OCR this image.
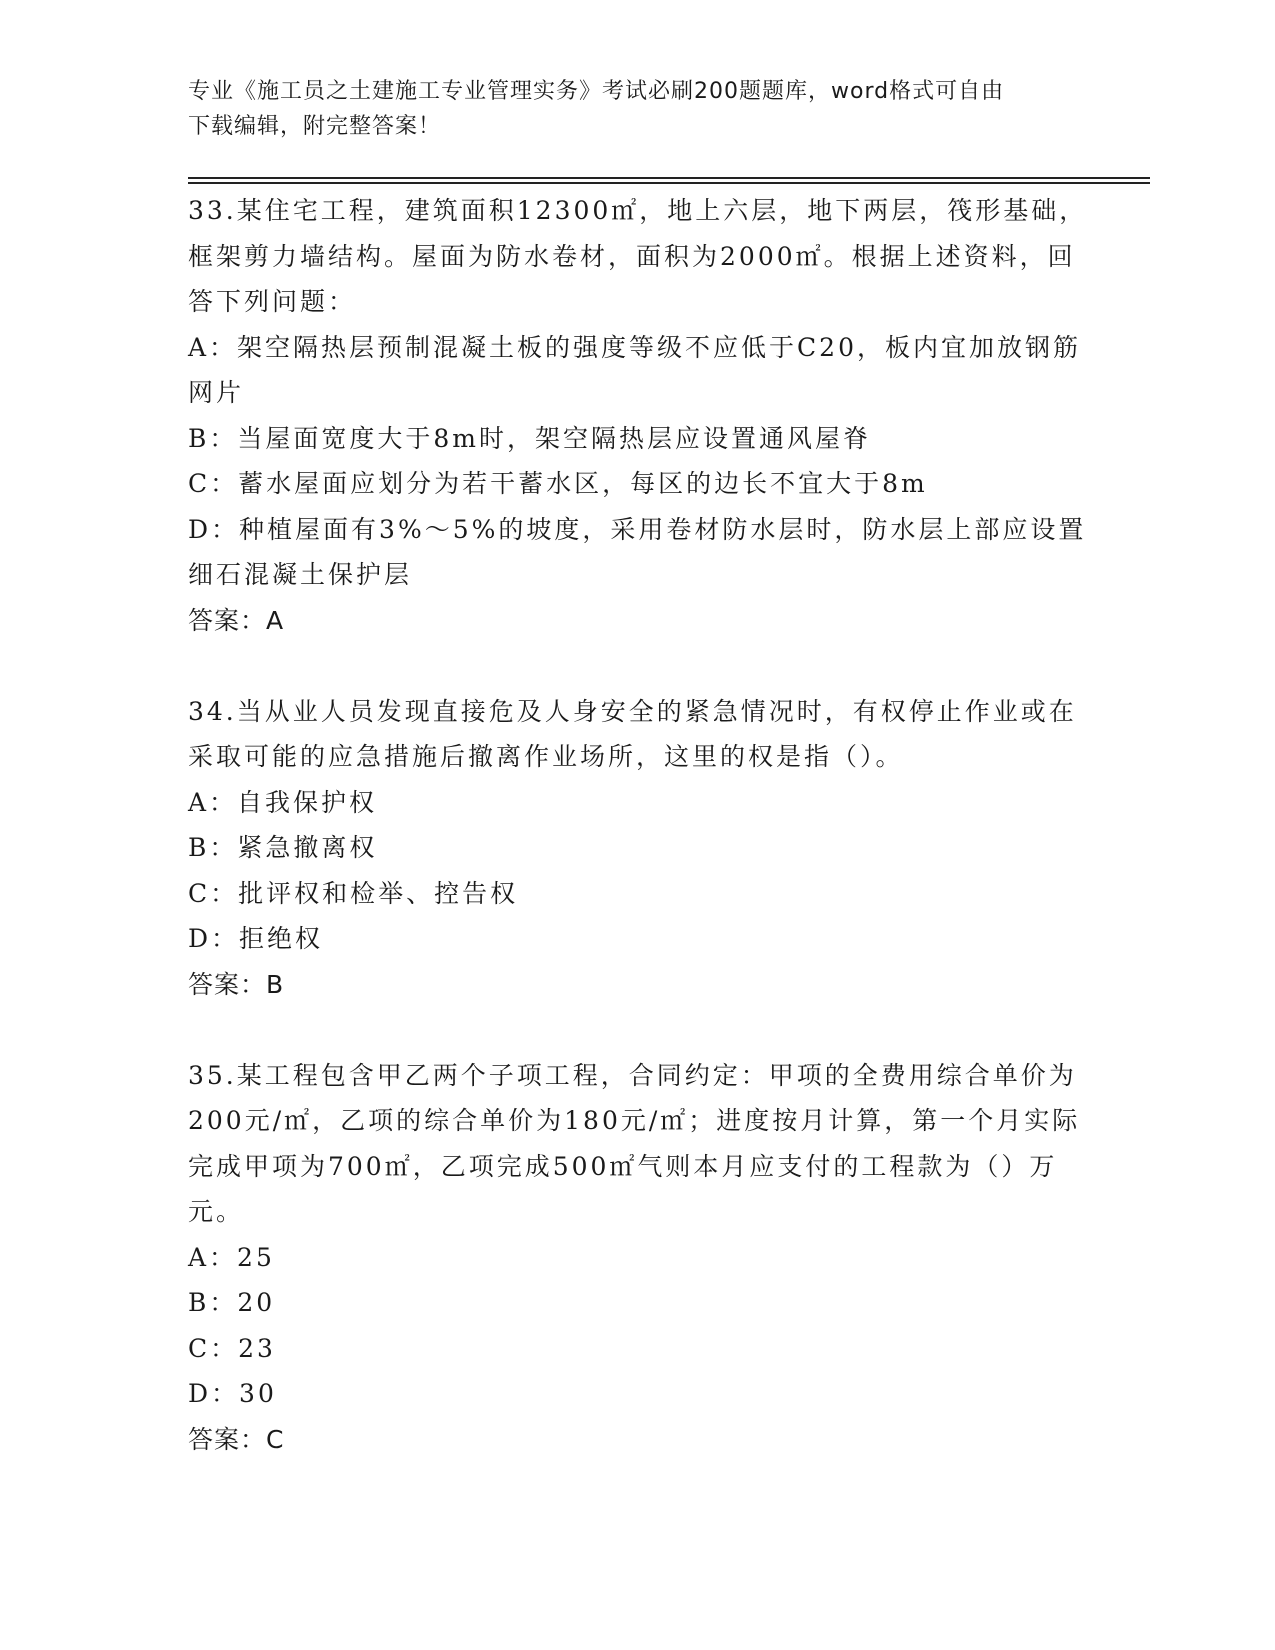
专业《施工员之土建施工专业管理实务》考试必刷200题题库，word格式可自由
下载编辑，附完整答案！

33.某住宅工程，建筑面积12300㎡，地上六层，地下两层，筏形基础，框架剪力墙结构。屋面为防水卷材，面积为2000㎡。根据上述资料，回答下列问题：

A：架空隔热层预制混凝土板的强度等级不应低于C20，板内宜加放钢筋网片

B：当屋面宽度大于8m时，架空隔热层应设置通风屋脊

C：蓄水屋面应划分为若干蓄水区，每区的边长不宜大于8m

D：种植屋面有3%～5%的坡度，采用卷材防水层时，防水层上部应设置细石混凝土保护层

答案：A

34.当从业人员发现直接危及人身安全的紧急情况时，有权停止作业或在采取可能的应急措施后撤离作业场所，这里的权是指（）。

A：自我保护权

B：紧急撤离权

C：批评权和检举、控告权

D：拒绝权

答案：B

35.某工程包含甲乙两个子项工程，合同约定：甲项的全费用综合单价为200元/㎡，乙项的综合单价为180元/㎡；进度按月计算，第一个月实际完成甲项为700㎡，乙项完成500㎡气则本月应支付的工程款为（）万元。

A：25

B：20

C：23

D：30

答案：C
